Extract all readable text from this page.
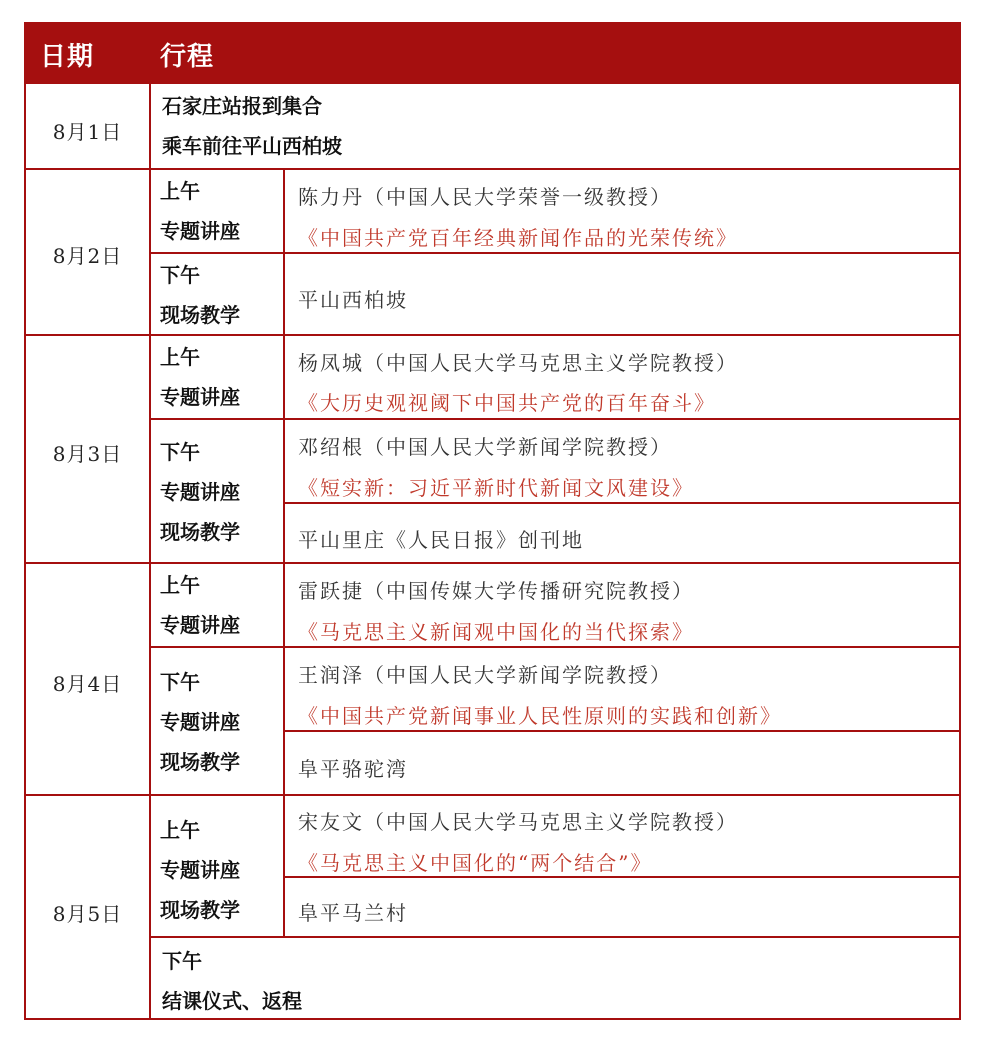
日期	行程
8月1日
石家庄站报到集合
乘车前往平山西柏坡
8月2日
上午
专题讲座
陈力丹（中国人民大学荣誉一级教授）
《中国共产党百年经典新闻作品的光荣传统》
下午
现场教学
平山西柏坡
8月3日
上午
专题讲座
杨凤城（中国人民大学马克思主义学院教授）
《大历史观视阈下中国共产党的百年奋斗》
下午
专题讲座
现场教学
邓绍根（中国人民大学新闻学院教授）
《短实新：习近平新时代新闻文风建设》
平山里庄《人民日报》创刊地
8月4日
上午
专题讲座
雷跃捷（中国传媒大学传播研究院教授）
《马克思主义新闻观中国化的当代探索》
下午
专题讲座
现场教学
王润泽（中国人民大学新闻学院教授）
《中国共产党新闻事业人民性原则的实践和创新》
阜平骆驼湾
8月5日
上午
专题讲座
现场教学
宋友文（中国人民大学马克思主义学院教授）
《马克思主义中国化的“两个结合”》
阜平马兰村
下午
结课仪式、返程
